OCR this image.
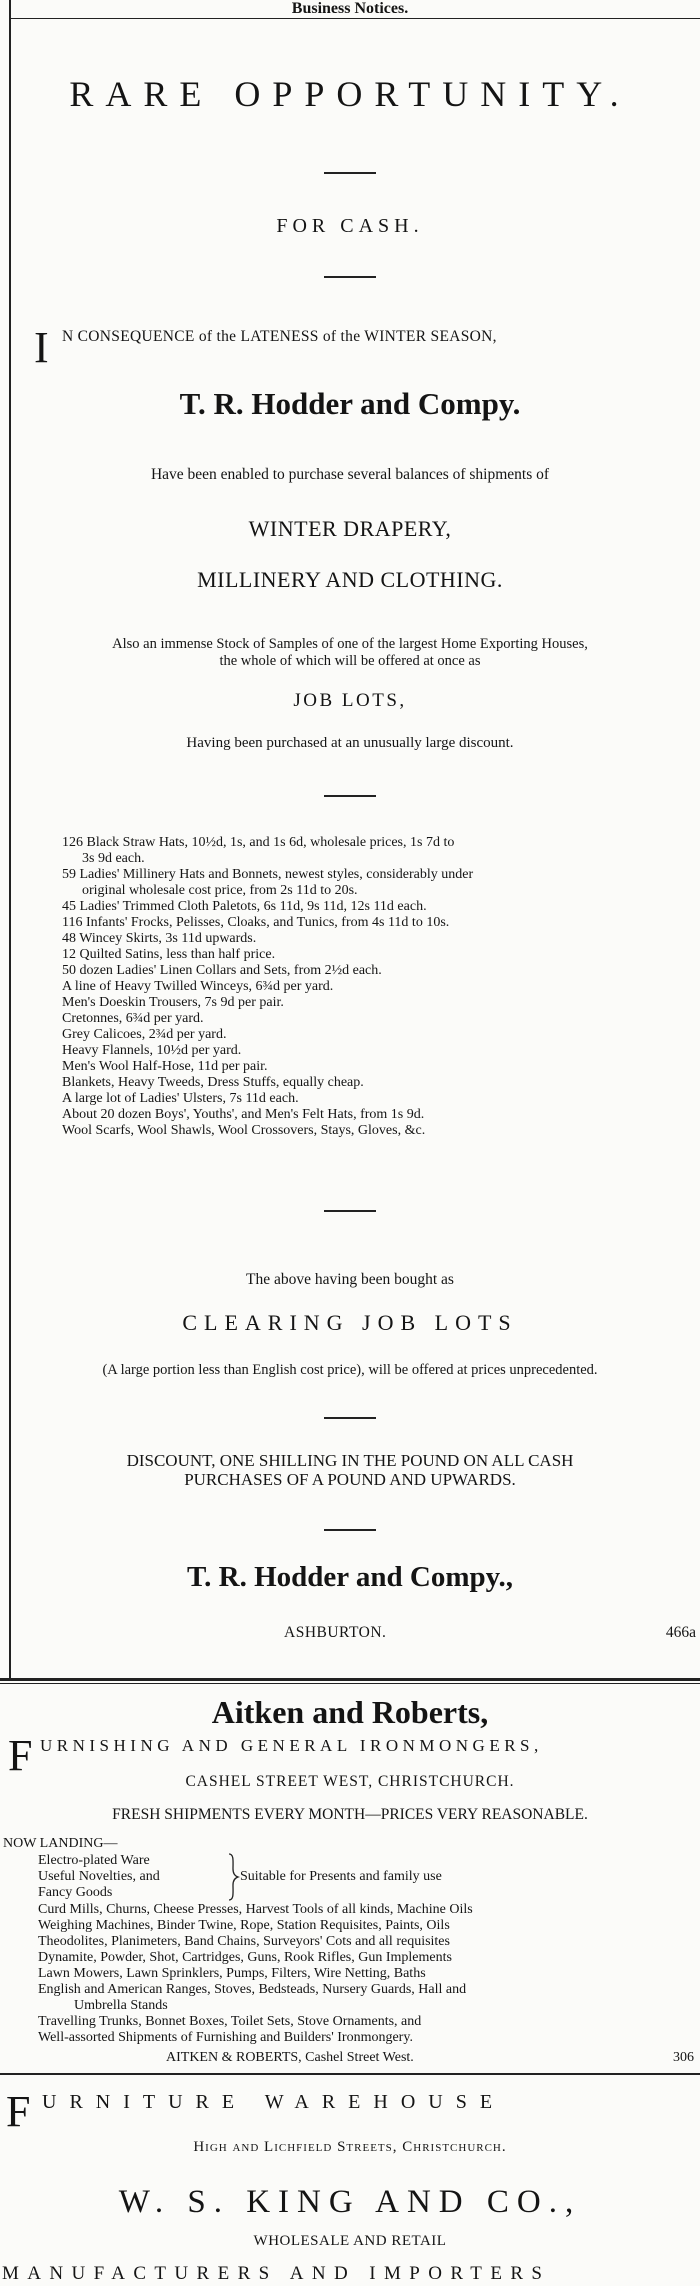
Business Notices.
RARE OPPORTUNITY.
FOR CASH.
I N CONSEQUENCE of the LATENESS of the WINTER SEASON,
T. R. Hodder and Compy.
Have been enabled to purchase several balances of shipments of
WINTER DRAPERY,
MILLINERY AND CLOTHING.
Also an immense Stock of Samples of one of the largest Home Exporting Houses,
the whole of which will be offered at once as
JOB LOTS,
Having been purchased at an unusually large discount.
126 Black Straw Hats, 10½d, 1s, and 1s 6d, wholesale prices, 1s 7d to
3s 9d each.
59 Ladies' Millinery Hats and Bonnets, newest styles, considerably under
original wholesale cost price, from 2s 11d to 20s.
45 Ladies' Trimmed Cloth Paletots, 6s 11d, 9s 11d, 12s 11d each.
116 Infants' Frocks, Pelisses, Cloaks, and Tunics, from 4s 11d to 10s.
48 Wincey Skirts, 3s 11d upwards.
12 Quilted Satins, less than half price.
50 dozen Ladies' Linen Collars and Sets, from 2½d each.
A line of Heavy Twilled Winceys, 6¾d per yard.
Men's Doeskin Trousers, 7s 9d per pair.
Cretonnes, 6¾d per yard.
Grey Calicoes, 2¾d per yard.
Heavy Flannels, 10½d per yard.
Men's Wool Half-Hose, 11d per pair.
Blankets, Heavy Tweeds, Dress Stuffs, equally cheap.
A large lot of Ladies' Ulsters, 7s 11d each.
About 20 dozen Boys', Youths', and Men's Felt Hats, from 1s 9d.
Wool Scarfs, Wool Shawls, Wool Crossovers, Stays, Gloves, &c.
The above having been bought as
CLEARING JOB LOTS
(A large portion less than English cost price), will be offered at prices unprecedented.
DISCOUNT, ONE SHILLING IN THE POUND ON ALL CASH
PURCHASES OF A POUND AND UPWARDS.
T. R. Hodder and Compy.,
ASHBURTON.	466a
Aitken and Roberts,
F URNISHING AND GENERAL IRONMONGERS,
CASHEL STREET WEST, CHRISTCHURCH.
FRESH SHIPMENTS EVERY MONTH—PRICES VERY REASONABLE.
NOW LANDING—
Electro-plated Ware
Useful Novelties, and
Fancy Goods
Suitable for Presents and family use
Curd Mills, Churns, Cheese Presses, Harvest Tools of all kinds, Machine Oils
Weighing Machines, Binder Twine, Rope, Station Requisites, Paints, Oils
Theodolites, Planimeters, Band Chains, Surveyors' Cots and all requisites
Dynamite, Powder, Shot, Cartridges, Guns, Rook Rifles, Gun Implements
Lawn Mowers, Lawn Sprinklers, Pumps, Filters, Wire Netting, Baths
English and American Ranges, Stoves, Bedsteads, Nursery Guards, Hall and
Umbrella Stands
Travelling Trunks, Bonnet Boxes, Toilet Sets, Stove Ornaments, and
Well-assorted Shipments of Furnishing and Builders' Ironmongery.
AITKEN & ROBERTS, Cashel Street West.	306
F URNITURE WAREHOUSE
High and Lichfield Streets, Christchurch.
W. S. KING AND CO.,
WHOLESALE AND RETAIL
MANUFACTURERS AND IMPORTERS
